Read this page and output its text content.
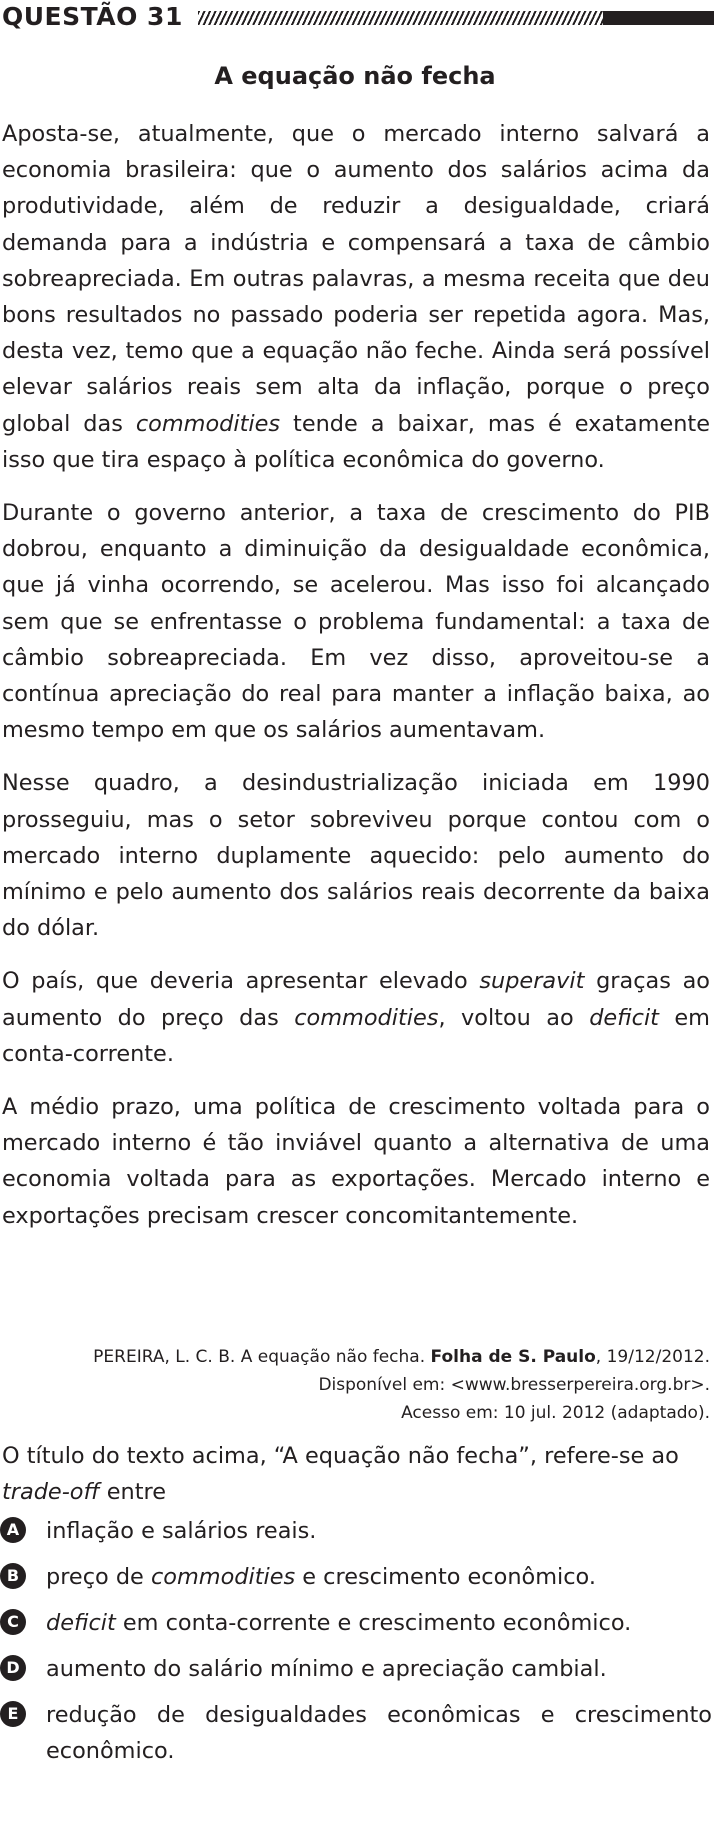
QUESTÃO 31
A equação não fecha

Aposta-se, atualmente, que o mercado interno salvará a economia brasileira: que o aumento dos salários acima da produtividade, além de reduzir a desigualdade, criará demanda para a indústria e compensará a taxa de câmbio sobreapreciada. Em outras palavras, a mesma receita que deu bons resultados no passado poderia ser repetida agora. Mas, desta vez, temo que a equação não feche. Ainda será possível elevar salários reais sem alta da inflação, porque o preço global das commodities tende a baixar, mas é exatamente isso que tira espaço à política econômica do governo.

Durante o governo anterior, a taxa de crescimento do PIB dobrou, enquanto a diminuição da desigualdade econômica, que já vinha ocorrendo, se acelerou. Mas isso foi alcançado sem que se enfrentasse o problema fundamental: a taxa de câmbio sobreapreciada. Em vez disso, aproveitou-se a contínua apreciação do real para manter a inflação baixa, ao mesmo tempo em que os salários aumentavam.

Nesse quadro, a desindustrialização iniciada em 1990 prosseguiu, mas o setor sobreviveu porque contou com o mercado interno duplamente aquecido: pelo aumento do mínimo e pelo aumento dos salários reais decorrente da baixa do dólar.

O país, que deveria apresentar elevado superavit graças ao aumento do preço das commodities, voltou ao deficit em conta-corrente.

A médio prazo, uma política de crescimento voltada para o mercado interno é tão inviável quanto a alternativa de uma economia voltada para as exportações. Mercado interno e exportações precisam crescer concomitantemente.

PEREIRA, L. C. B. A equação não fecha. Folha de S. Paulo, 19/12/2012.
Disponível em: <www.bresserpereira.org.br>.
Acesso em: 10 jul. 2012 (adaptado).
O título do texto acima, “A equação não fecha”, refere-se ao trade-off entre
A	inflação e salários reais.
B	preço de commodities e crescimento econômico.
C	deficit em conta-corrente e crescimento econômico.
D aumento do salário mínimo e apreciação cambial.
E	redução de desigualdades econômicas e crescimento econômico.
